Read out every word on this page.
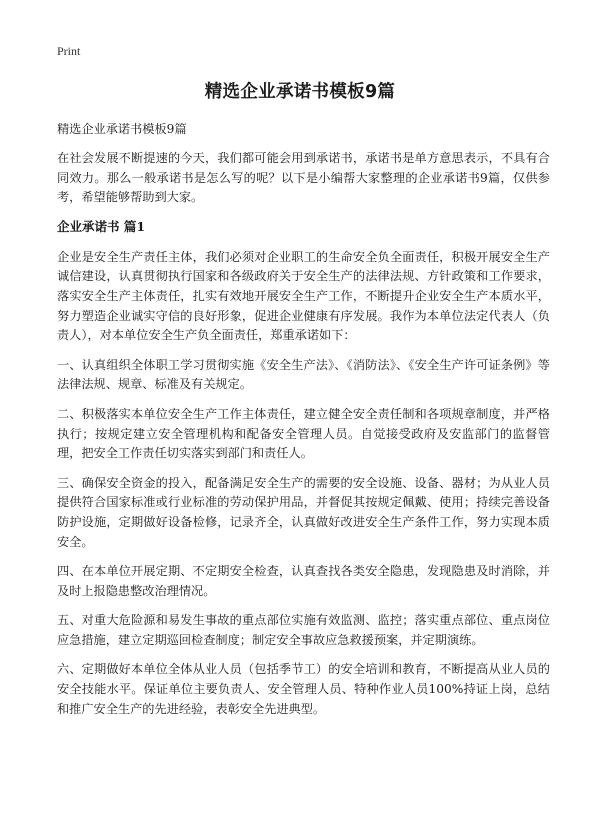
Print
精选企业承诺书模板9篇
精选企业承诺书模板9篇

在社会发展不断提速的今天，我们都可能会用到承诺书，承诺书是单方意思表示，不具有合同效力。那么一般承诺书是怎么写的呢？以下是小编帮大家整理的企业承诺书9篇，仅供参考，希望能够帮助到大家。

企业承诺书 篇1

企业是安全生产责任主体，我们必须对企业职工的生命安全负全面责任，积极开展安全生产诚信建设，认真贯彻执行国家和各级政府关于安全生产的法律法规、方针政策和工作要求，落实安全生产主体责任，扎实有效地开展安全生产工作，不断提升企业安全生产本质水平，努力塑造企业诚实守信的良好形象，促进企业健康有序发展。我作为本单位法定代表人（负责人），对本单位安全生产负全面责任，郑重承诺如下：

一、认真组织全体职工学习贯彻实施《安全生产法》、《消防法》、《安全生产许可证条例》等法律法规、规章、标准及有关规定。

二、积极落实本单位安全生产工作主体责任，建立健全安全责任制和各项规章制度，并严格执行；按规定建立安全管理机构和配备安全管理人员。自觉接受政府及安监部门的监督管理，把安全工作责任切实落实到部门和责任人。

三、确保安全资金的投入，配备满足安全生产的需要的安全设施、设备、器材；为从业人员提供符合国家标准或行业标准的劳动保护用品，并督促其按规定佩戴、使用；持续完善设备防护设施，定期做好设备检修，记录齐全，认真做好改进安全生产条件工作，努力实现本质安全。

四、在本单位开展定期、不定期安全检查，认真查找各类安全隐患，发现隐患及时消除，并及时上报隐患整改治理情况。

五、对重大危险源和易发生事故的重点部位实施有效监测、监控；落实重点部位、重点岗位应急措施，建立定期巡回检查制度；制定安全事故应急救援预案，并定期演练。

六、定期做好本单位全体从业人员（包括季节工）的安全培训和教育，不断提高从业人员的安全技能水平。保证单位主要负责人、安全管理人员、特种作业人员100%持证上岗，总结和推广安全生产的先进经验，表彰安全先进典型。
